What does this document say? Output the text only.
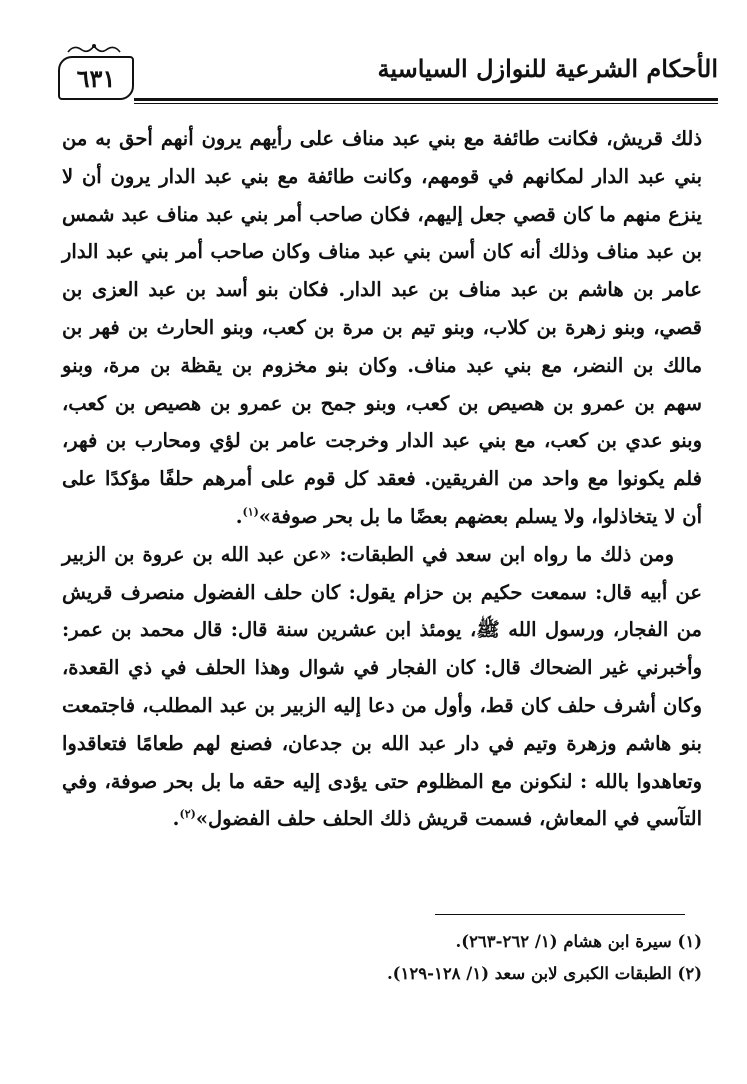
٦٣١	الأحكام الشرعية للنوازل السياسية

ذلك قريش، فكانت طائفة مع بني عبد مناف على رأيهم يرون أنهم أحق به من بني عبد الدار لمكانهم في قومهم، وكانت طائفة مع بني عبد الدار يرون أن لا ينزع منهم ما كان قصي جعل إليهم، فكان صاحب أمر بني عبد مناف عبد شمس بن عبد مناف وذلك أنه كان أسن بني عبد مناف وكان صاحب أمر بني عبد الدار عامر بن هاشم بن عبد مناف بن عبد الدار. فكان بنو أسد بن عبد العزى بن قصي، وبنو زهرة بن كلاب، وبنو تيم بن مرة بن كعب، وبنو الحارث بن فهر بن مالك بن النضر، مع بني عبد مناف. وكان بنو مخزوم بن يقظة بن مرة، وبنو سهم بن عمرو بن هصيص بن كعب، وبنو جمح بن عمرو بن هصيص بن كعب، وبنو عدي بن كعب، مع بني عبد الدار وخرجت عامر بن لؤي ومحارب بن فهر، فلم يكونوا مع واحد من الفريقين. فعقد كل قوم على أمرهم حلفًا مؤكدًا على أن لا يتخاذلوا، ولا يسلم بعضهم بعضًا ما بل بحر صوفة»$^{(١)}$.

ومن ذلك ما رواه ابن سعد في الطبقات: «عن عبد الله بن عروة بن الزبير عن أبيه قال: سمعت حكيم بن حزام يقول: كان حلف الفضول منصرف قريش من الفجار، ورسول الله ﷺ، يومئذ ابن عشرين سنة قال: قال محمد بن عمر: وأخبرني غير الضحاك قال: كان الفجار في شوال وهذا الحلف في ذي القعدة، وكان أشرف حلف كان قط، وأول من دعا إليه الزبير بن عبد المطلب، فاجتمعت بنو هاشم وزهرة وتيم في دار عبد الله بن جدعان، فصنع لهم طعامًا فتعاقدوا وتعاهدوا بالله : لنكونن مع المظلوم حتى يؤدى إليه حقه ما بل بحر صوفة، وفي التآسي في المعاش، فسمت قريش ذلك الحلف حلف الفضول»$^{(٢)}$.

(١) سيرة ابن هشام (١/ ٢٦٢-٢٦٣).
(٢) الطبقات الكبرى لابن سعد (١/ ١٢٨-١٢٩).
